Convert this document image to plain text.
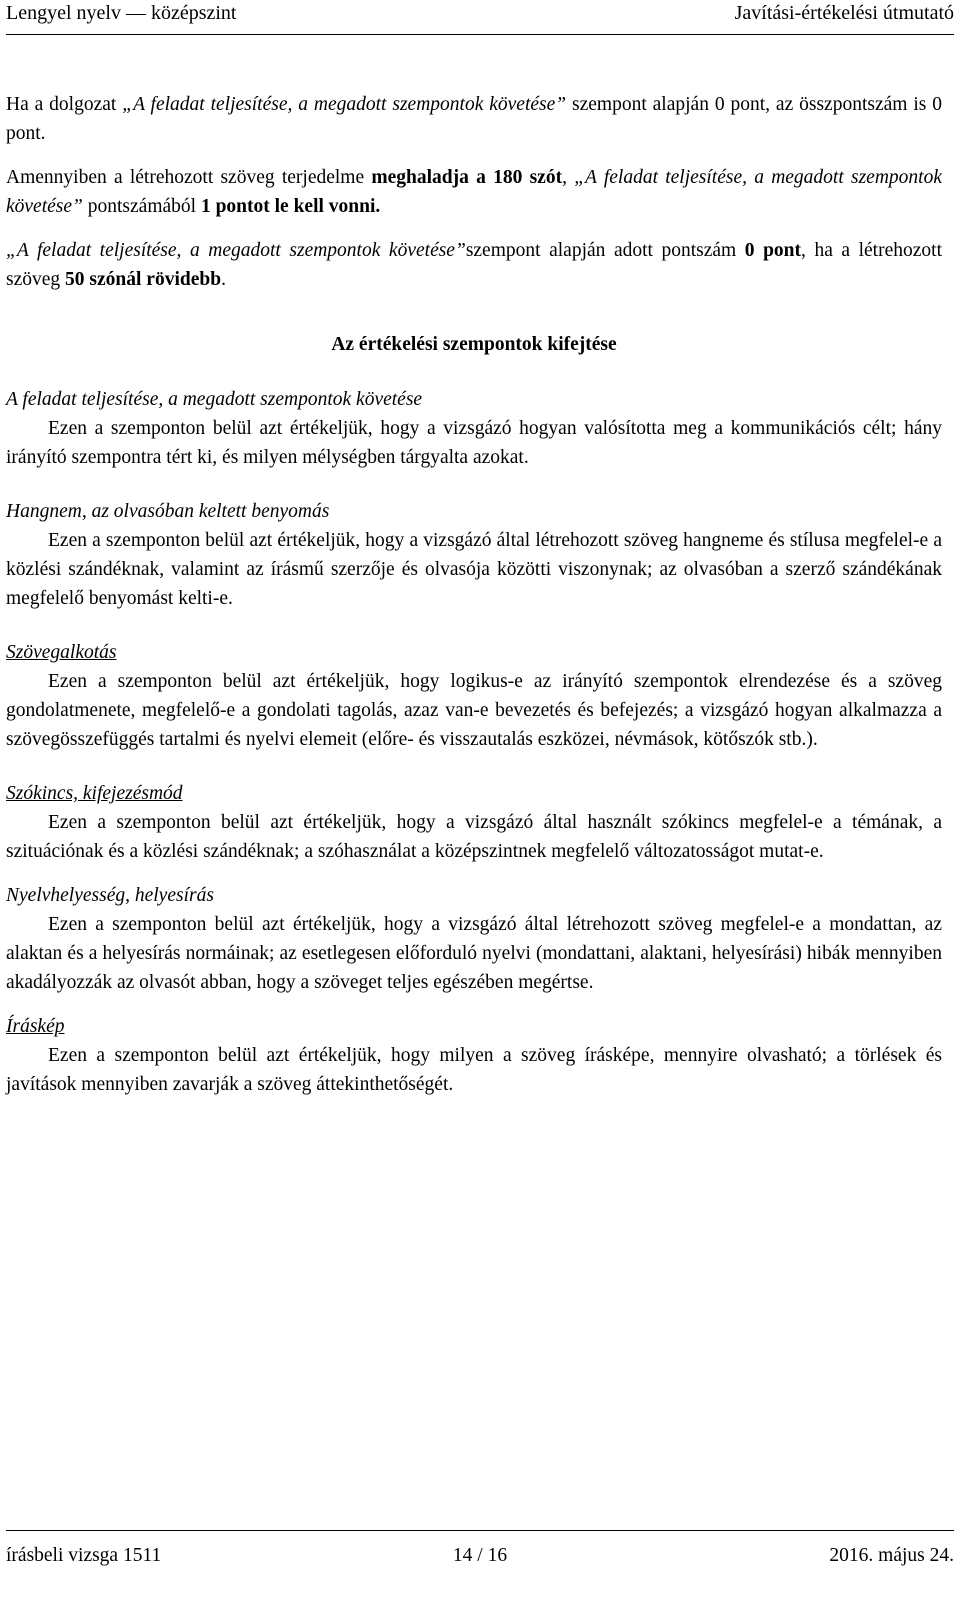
Lengyel nyelv — középszint	Javítási-értékelési útmutató

Ha a dolgozat „A feladat teljesítése, a megadott szempontok követése” szempont alapján 0 pont, az összpontszám is 0 pont.

Amennyiben a létrehozott szöveg terjedelme meghaladja a 180 szót, „A feladat teljesítése, a megadott szempontok követése” pontszámából 1 pontot le kell vonni.

„A feladat teljesítése, a megadott szempontok követése”szempont alapján adott pontszám 0 pont, ha a létrehozott szöveg 50 szónál rövidebb.

Az értékelési szempontok kifejtése

A feladat teljesítése, a megadott szempontok követése

Ezen a szemponton belül azt értékeljük, hogy a vizsgázó hogyan valósította meg a kommunikációs célt; hány irányító szempontra tért ki, és milyen mélységben tárgyalta azokat.

Hangnem, az olvasóban keltett benyomás

Ezen a szemponton belül azt értékeljük, hogy a vizsgázó által létrehozott szöveg hangneme és stílusa megfelel-e a közlési szándéknak, valamint az írásmű szerzője és olvasója közötti viszonynak; az olvasóban a szerző szándékának megfelelő benyomást kelti-e.

Szövegalkotás

Ezen a szemponton belül azt értékeljük, hogy logikus-e az irányító szempontok elrendezése és a szöveg gondolatmenete, megfelelő-e a gondolati tagolás, azaz van-e bevezetés és befejezés; a vizsgázó hogyan alkalmazza a szövegösszefüggés tartalmi és nyelvi elemeit (előre- és visszautalás eszközei, névmások, kötőszók stb.).

Szókincs, kifejezésmód

Ezen a szemponton belül azt értékeljük, hogy a vizsgázó által használt szókincs megfelel-e a témának, a szituációnak és a közlési szándéknak; a szóhasználat a középszintnek megfelelő változatosságot mutat-e.

Nyelvhelyesség, helyesírás

Ezen a szemponton belül azt értékeljük, hogy a vizsgázó által létrehozott szöveg megfelel-e a mondattan, az alaktan és a helyesírás normáinak; az esetlegesen előforduló nyelvi (mondattani, alaktani, helyesírási) hibák mennyiben akadályozzák az olvasót abban, hogy a szöveget teljes egészében megértse.

Íráskép

Ezen a szemponton belül azt értékeljük, hogy milyen a szöveg írásképe, mennyire olvasható; a törlések és javítások mennyiben zavarják a szöveg áttekinthetőségét.

írásbeli vizsga 1511	14 / 16	2016. május 24.
